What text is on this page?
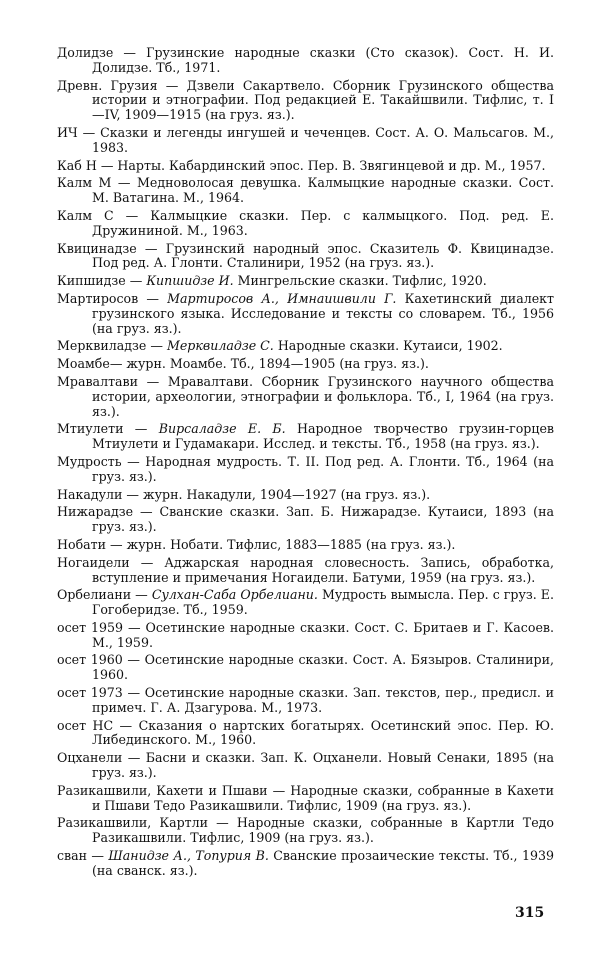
Долидзе — Грузинские народные сказки (Сто сказок). Сост. Н. И. Долидзе. Тб., 1971.
Древн. Грузия — Дзвели Сакартвело. Сборник Грузинского общества истории и этнографии. Под редакцией Е. Такайшвили. Тифлис, т. I—IV, 1909—1915 (на груз. яз.).
ИЧ — Сказки и легенды ингушей и чеченцев. Сост. А. О. Мальсагов. М., 1983.
Каб Н — Нарты. Кабардинский эпос. Пер. В. Звягинцевой и др. М., 1957.
Калм М — Медноволосая девушка. Калмыцкие народные сказки. Сост. М. Ватагина. М., 1964.
Калм С — Калмыцкие сказки. Пер. с калмыцкого. Под. ред. Е. Дружининой. М., 1963.
Квицинадзе — Грузинский народный эпос. Сказитель Ф. Квицинадзе. Под ред. А. Глонти. Сталинири, 1952 (на груз. яз.).
Кипшидзе — Кипшидзе И. Мингрельские сказки. Тифлис, 1920.
Мартиросов — Мартиросов А., Имнаишвили Г. Кахетинский диалект грузинского языка. Исследование и тексты со словарем. Тб., 1956 (на груз. яз.).
Мерквиладзе — Мерквиладзе С. Народные сказки. Кутаиси, 1902.
Моамбе— журн. Моамбе. Тб., 1894—1905 (на груз. яз.).
Мравалтави — Мравалтави. Сборник Грузинского научного общества истории, археологии, этнографии и фольклора. Тб., I, 1964 (на груз. яз.).
Мтиулети — Вирсаладзе Е. Б. Народное творчество грузин-горцев Мтиулети и Гудамакари. Исслед. и тексты. Тб., 1958 (на груз. яз.).
Мудрость — Народная мудрость. Т. II. Под ред. А. Глонти. Тб., 1964 (на груз. яз.).
Накадули — журн. Накадули, 1904—1927 (на груз. яз.).
Нижарадзе — Сванские сказки. Зап. Б. Нижарадзе. Кутаиси, 1893 (на груз. яз.).
Нобати — журн. Нобати. Тифлис, 1883—1885 (на груз. яз.).
Ногаидели — Аджарская народная словесность. Запись, обработка, вступление и примечания Ногаидели. Батуми, 1959 (на груз. яз.).
Орбелиани — Сулхан-Саба Орбелиани. Мудрость вымысла. Пер. с груз. Е. Гогоберидзе. Тб., 1959.
осет 1959 — Осетинские народные сказки. Сост. С. Бритаев и Г. Касоев. М., 1959.
осет 1960 — Осетинские народные сказки. Сост. А. Бязыров. Сталинири, 1960.
осет 1973 — Осетинские народные сказки. Зап. текстов, пер., предисл. и примеч. Г. А. Дзагурова. М., 1973.
осет НС — Сказания о нартских богатырях. Осетинский эпос. Пер. Ю. Либединского. М., 1960.
Оцханели — Басни и сказки. Зап. К. Оцханели. Новый Сенаки, 1895 (на груз. яз.).
Разикашвили, Кахети и Пшави — Народные сказки, собранные в Кахети и Пшави Тедо Разикашвили. Тифлис, 1909 (на груз. яз.).
Разикашвили, Картли — Народные сказки, собранные в Картли Тедо Разикашвили. Тифлис, 1909 (на груз. яз.).
сван — Шанидзе А., Топурия В. Сванские прозаические тексты. Тб., 1939 (на сванск. яз.).
315
